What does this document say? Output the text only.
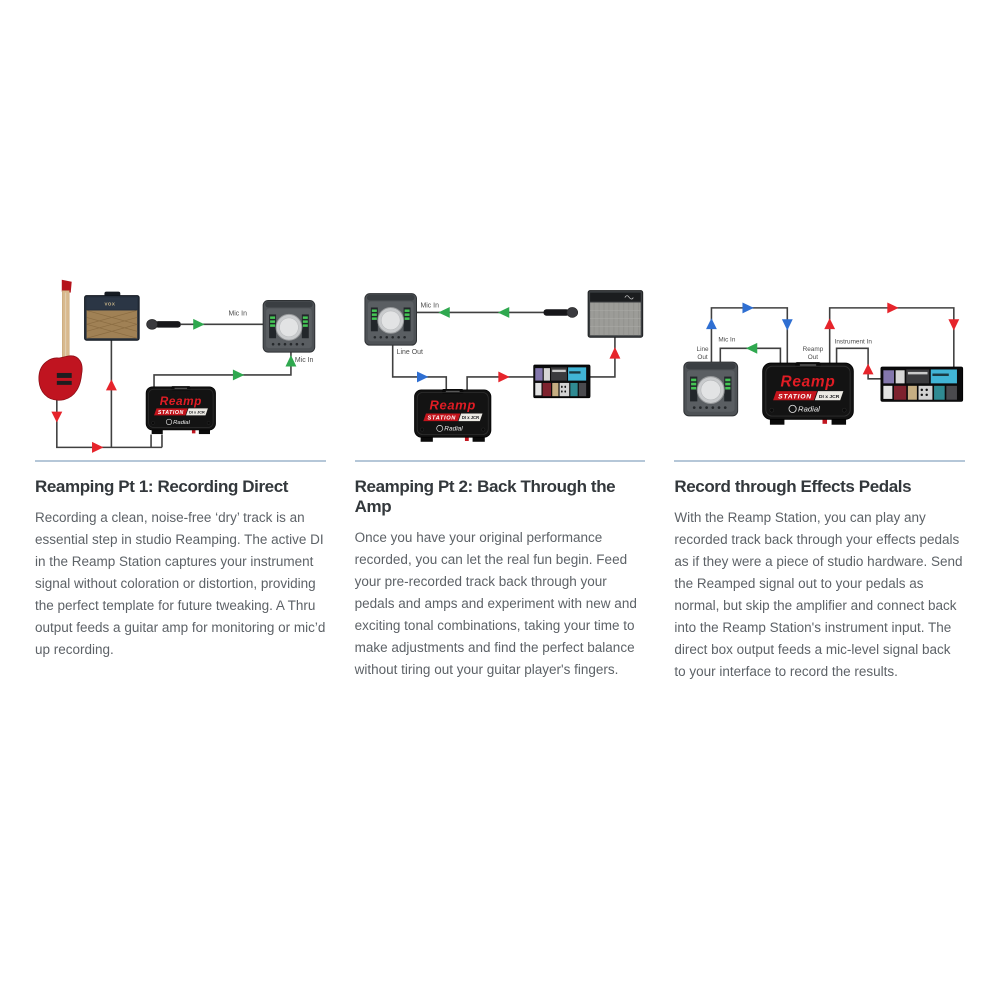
Mic In
Mic In
VOX
Reamp
STATION DI x JCR
Radial
Reamping Pt 1: Recording Direct

Recording a clean, noise-free ‘dry’ track is an essential step in studio Reamping. The active DI in the Reamp Station captures your instrument signal without coloration or distortion, providing the perfect template for future tweaking. A Thru output feeds a guitar amp for monitoring or mic’d up recording.

Mic In
Line Out
Reamp
STATION DI x JCR
Radial
Reamping Pt 2: Back Through the Amp

Once you have your original performance recorded, you can let the real fun begin. Feed your pre-recorded track back through your pedals and amps and experiment with new and exciting tonal combinations, taking your time to make adjustments and find the perfect balance without tiring out your guitar player's fingers.

Line
Out
Mic In
Reamp
Out
Instrument In
Reamp
STATION DI x JCR
Radial
Record through Effects Pedals

With the Reamp Station, you can play any recorded track back through your effects pedals as if they were a piece of studio hardware. Send the Reamped signal out to your pedals as normal, but skip the amplifier and connect back into the Reamp Station's instrument input. The direct box output feeds a mic-level signal back to your interface to record the results.
